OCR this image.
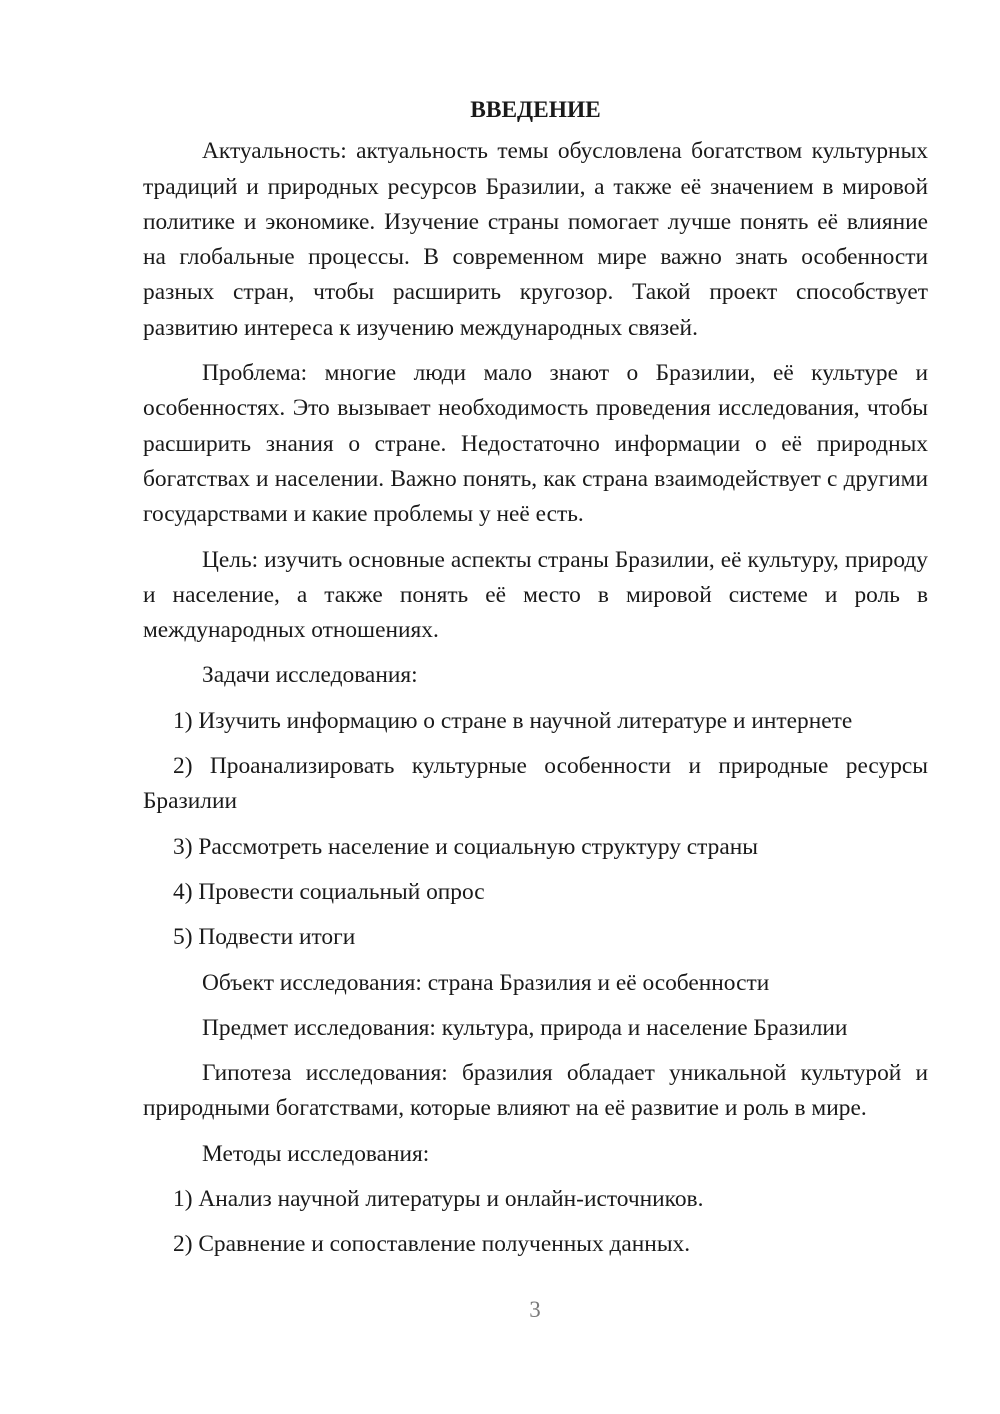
ВВЕДЕНИЕ

Актуальность: актуальность темы обусловлена богатством культурных традиций и природных ресурсов Бразилии, а также её значением в мировой политике и экономике. Изучение страны помогает лучше понять её влияние на глобальные процессы. В современном мире важно знать особенности разных стран, чтобы расширить кругозор. Такой проект способствует развитию интереса к изучению международных связей.

Проблема: многие люди мало знают о Бразилии, её культуре и особенностях. Это вызывает необходимость проведения исследования, чтобы расширить знания о стране. Недостаточно информации о её природных богатствах и населении. Важно понять, как страна взаимодействует с другими государствами и какие проблемы у неё есть.

Цель: изучить основные аспекты страны Бразилии, её культуру, природу и население, а также понять её место в мировой системе и роль в международных отношениях.

Задачи исследования:

1) Изучить информацию о стране в научной литературе и интернете

2) Проанализировать культурные особенности и природные ресурсы Бразилии

3) Рассмотреть население и социальную структуру страны

4) Провести социальный опрос

5) Подвести итоги

Объект исследования: страна Бразилия и её особенности

Предмет исследования: культура, природа и население Бразилии

Гипотеза исследования: бразилия обладает уникальной культурой и природными богатствами, которые влияют на её развитие и роль в мире.

Методы исследования:

1) Анализ научной литературы и онлайн-источников.

2) Сравнение и сопоставление полученных данных.

3
